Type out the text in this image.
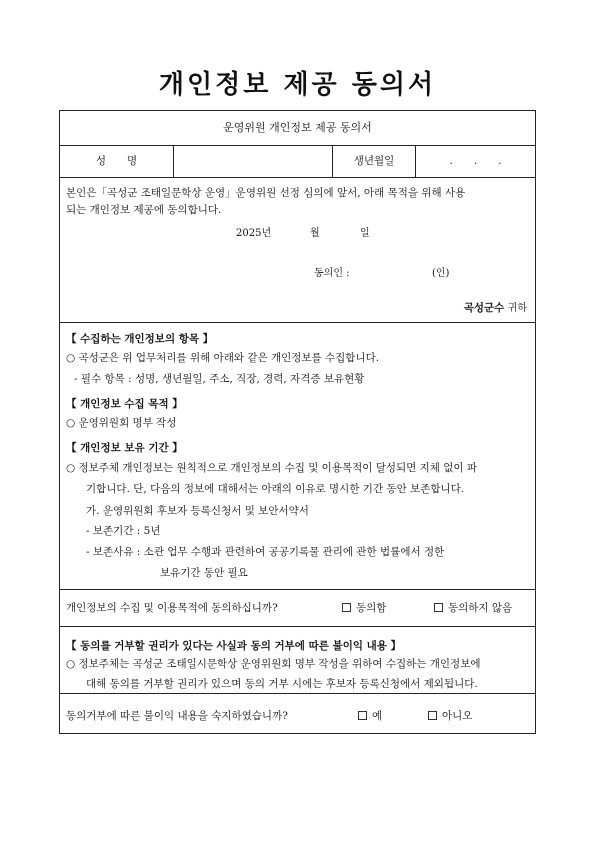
개인정보 제공 동의서
운영위원 개인정보 제공 동의서
성　　명	생년월일	.　　.　　.
본인은「곡성군 조태일문학상 운영」운영위원 선정 심의에 앞서, 아래 목적을 위해 사용
되는 개인정보 제공에 동의합니다.
2025년	월	일
동의인 :	(인)
곡성군수 귀하
【 수집하는 개인정보의 항목 】
○ 곡성군은 위 업무처리를 위해 아래와 같은 개인정보를 수집합니다.
- 필수 항목 : 성명, 생년월일, 주소, 직장, 경력, 자격증 보유현황
【 개인정보 수집 목적 】
○ 운영위원회 명부 작성
【 개인정보 보유 기간 】
○ 정보주체 개인정보는 원칙적으로 개인정보의 수집 및 이용목적이 달성되면 지체 없이 파
기합니다. 단, 다음의 정보에 대해서는 아래의 이유로 명시한 기간 동안 보존합니다.
가. 운영위원회 후보자 등록신청서 및 보안서약서
- 보존기간 : 5년
- 보존사유 : 소관 업무 수행과 관련하여 공공기록물 관리에 관한 법률에서 정한
보유기간 동안 필요
개인정보의 수집 및 이용목적에 동의하십니까?	동의함	동의하지 않음
【 동의를 거부할 권리가 있다는 사실과 동의 거부에 따른 불이익 내용 】
○ 정보주체는 곡성군 조태일시문학상 운영위원회 명부 작성을 위하여 수집하는 개인정보에
대해 동의를 거부할 권리가 있으며 동의 거부 시에는 후보자 등록신청에서 제외됩니다.
동의거부에 따른 불이익 내용을 숙지하였습니까?	예	아니오
